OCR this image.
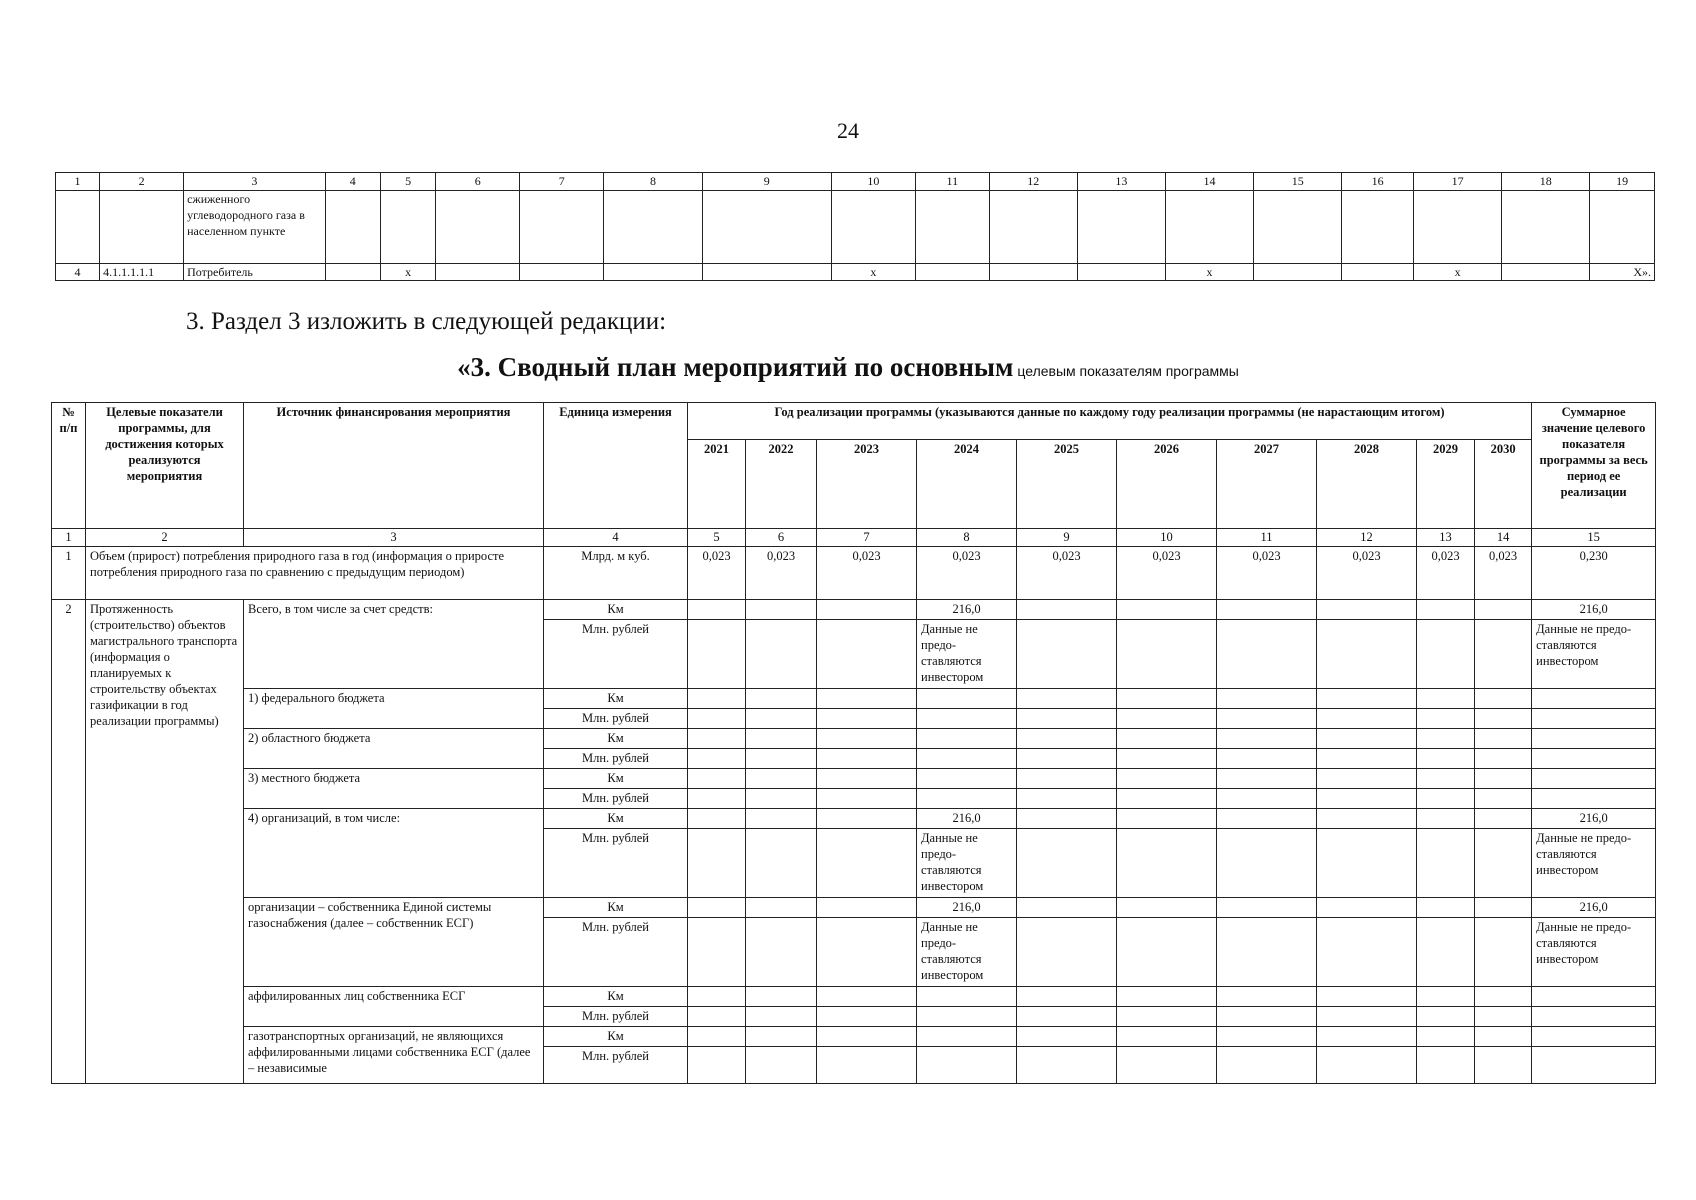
24
1	2	3	4	5	6	7	8	9	10	11	12	13	14	15	16	17	18	19
		сжиженного углеводородного газа в населенном пункте																
4	4.1.1.1.1.1	Потребитель		х					х				х			х		Х».
3. Раздел 3 изложить в следующей редакции:
«3. Сводный план мероприятий по основным целевым показателям программы
№ п/п	Целевые показатели программы, для достижения которых реализуются мероприятия	Источник финансирования мероприятия	Единица измерения	Год реализации программы (указываются данные по каждому году реализации программы (не нарастающим итогом)										Суммарное значение целевого показателя программы за весь период ее реализации
				2021	2022	2023	2024	2025	2026	2027	2028	2029	2030	
1	2	3	4	5	6	7	8	9	10	11	12	13	14	15
1	Объем (прирост) потребления природного газа в год (информация о приросте потребления природного газа по сравнению с предыдущим периодом)		Млрд. м куб.	0,023	0,023	0,023	0,023	0,023	0,023	0,023	0,023	0,023	0,023	0,230
2	Протяженность (строительство) объектов магистрального транспорта (информация о планируемых к строительству объектах газификации в год реализации программы)	Всего, в том числе за счет средств:	Км				216,0							216,0
			Млн. рублей				Данные не предо-ставляются инвестором							Данные не предо-ставляются инвестором
		1) федерального бюджета	Км											
			Млн. рублей											
		2) областного бюджета	Км											
			Млн. рублей											
		3) местного бюджета	Км											
			Млн. рублей											
		4) организаций, в том числе:	Км				216,0							216,0
			Млн. рублей				Данные не предо-ставляются инвестором							Данные не предо-ставляются инвестором
		организации – собственника Единой системы газоснабжения (далее – собственник ЕСГ)	Км				216,0							216,0
			Млн. рублей				Данные не предо-ставляются инвестором							Данные не предо-ставляются инвестором
		аффилированных лиц собственника ЕСГ	Км											
			Млн. рублей											
		газотранспортных организаций, не являющихся аффилированными лицами собственника ЕСГ (далее – независимые	Км											
			Млн. рублей											
